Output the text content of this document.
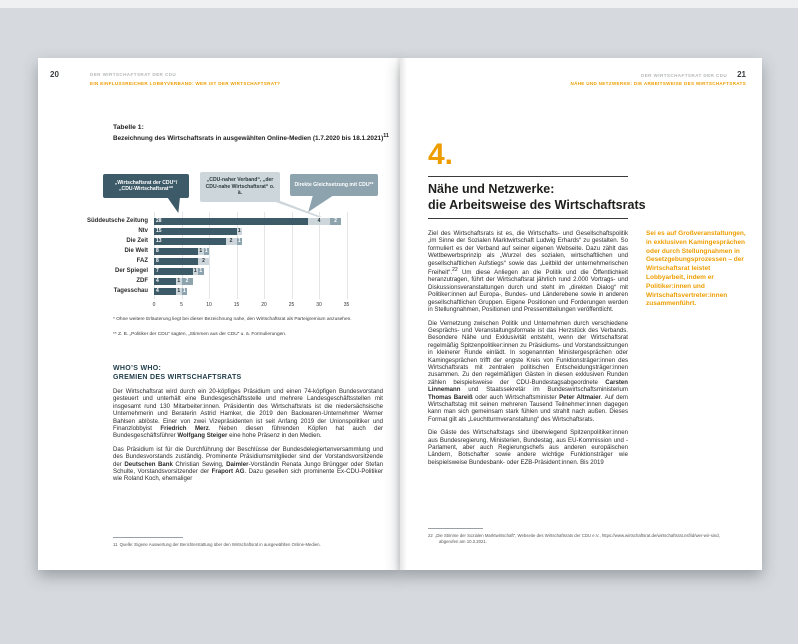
20	DER WIRTSCHAFTSRAT DER CDU
EIN EINFLUSSREICHER LOBBYVERBAND: WER IST DER WIRTSCHAFTSRAT?
Tabelle 1:
Bezeichnung des Wirtschaftsrats in ausgewählten Online-Medien (1.7.2020 bis 18.1.2021)$^{11}$
„Wirtschaftsrat der CDU“/ „CDU-Wirtschaftsrat“*
„CDU-naher Verband“, „der CDU-nahe Wirtschaftsrat“ o. ä.
Direkte Gleichsetzung mit CDU**
0	5	10	15	20	25	30	35
Süddeutsche Zeitung 28	4	2
Ntv 15	1
Die Zeit 13	2	1
Die Welt 8	1 1
FAZ 8	2
Der Spiegel 7	1 1
ZDF 4	1	2
Tagesschau 4	1 1
* Ohne weitere Erläuterung liegt bei dieser Bezeichnung nahe, den Wirtschaftsrat als Parteigremium anzusehen.
** Z. B. „Politiker der CDU“ sagten, „Stimmen aus der CDU“ u. ä. Formulierungen.
WHO’S WHO:
GREMIEN DES WIRTSCHAFTSRATS

Der Wirtschaftsrat wird durch ein 20-köpfiges Präsidium und einen 74-köpfigen Bundesvorstand gesteuert und unterhält eine Bundesgeschäftsstelle und mehrere Landesgeschäftsstellen mit insgesamt rund 130 Mitarbeiter:innen. Präsidentin des Wirtschaftsrats ist die niedersächsische Unternehmerin und Beraterin Astrid Hamker, die 2019 den Backwaren-Unternehmer Werner Bahlsen ablöste. Einer von zwei Vizepräsidenten ist seit Anfang 2019 der Unionspolitiker und Finanzlobbyist Friedrich Merz. Neben diesen führenden Köpfen hat auch der Bundesgeschäftsführer Wolfgang Steiger eine hohe Präsenz in den Medien.

Das Präsidium ist für die Durchführung der Beschlüsse der Bundesdelegiertenversammlung und des Bundesvorstands zuständig. Prominente Präsidiumsmitglieder sind der Vorstandsvorsitzende der Deutschen Bank Christian Sewing, Daimler-Vorständin Renata Jungo Brüngger oder Stefan Schulte, Vorstandsvorsitzender der Fraport AG. Dazu gesellen sich prominente Ex-CDU-Politiker wie Roland Koch, ehemaliger

11  Quelle: Eigene Auswertung der Berichterstattung über den Wirtschaftsrat in ausgewählten Online-Medien.
DER WIRTSCHAFTSRAT DER CDU 21
NÄHE UND NETZWERKE: DIE ARBEITSWEISE DES WIRTSCHAFTSRATS
4.
Nähe und Netzwerke:
die Arbeitsweise des Wirtschaftsrats

Ziel des Wirtschaftsrats ist es, die Wirtschafts- und Gesellschaftspolitik „im Sinne der Sozialen Marktwirtschaft Ludwig Erhards“ zu gestalten. So formuliert es der Verband auf seiner eigenen Webseite. Dazu zählt das Wettbewerbsprinzip als „Wurzel des sozialen, wirtschaftlichen und gesellschaftlichen Aufstiegs“ sowie das „Leitbild der unternehmerischen Freiheit“.$^{22}$ Um diese Anliegen an die Politik und die Öffentlichkeit heranzutragen, führt der Wirtschaftsrat jährlich rund 2.000 Vortrags- und Diskussionsveranstaltungen durch und steht im „direkten Dialog“ mit Politiker:innen auf Europa-, Bundes- und Länderebene sowie in anderen gesellschaftlichen Gruppen. Eigene Positionen und Forderungen werden in Stellungnahmen, Positionen und Pressemitteilungen veröffentlicht.

Die Vernetzung zwischen Politik und Unternehmen durch verschiedene Gesprächs- und Veranstaltungsformate ist das Herzstück des Verbands. Besondere Nähe und Exklusivität entsteht, wenn der Wirtschaftsrat regelmäßig Spitzenpolitiker:innen zu Präsidiums- und Vorstandssitzungen in kleinerer Runde einlädt. In sogenannten Ministergesprächen oder Kamingesprächen trifft der engste Kreis von Funktionsträger:innen des Wirtschaftsrats mit zentralen politischen Entscheidungsträger:innen zusammen. Zu den regelmäßigen Gästen in diesen exklusiven Runden zählen beispielsweise der CDU-Bundestagsabgeordnete Carsten Linnemann und Staatssekretär im Bundeswirtschaftsministerium Thomas Bareiß oder auch Wirtschaftsminister Peter Altmaier. Auf dem Wirtschaftstag mit seinen mehreren Tausend Teilnehmer:innen dagegen kann man sich gemeinsam stark fühlen und strahlt nach außen. Dieses Format gilt als „Leuchtturmveranstaltung“ des Wirtschaftsrats.

Die Gäste des Wirtschaftstags sind überwiegend Spitzenpolitiker:innen aus Bundesregierung, Ministerien, Bundestag, aus EU-Kommission und -Parlament, aber auch Regierungschefs aus anderen europäischen Ländern, Botschafter sowie andere wichtige Funktionsträger wie beispielsweise Bundesbank- oder EZB-Präsident:innen. Bis 2019

Sei es auf Großveranstaltungen, in exklusiven Kamingesprächen oder durch Stellungnahmen in Gesetzgebungsprozessen – der Wirtschaftsrat leistet Lobbyarbeit, indem er Politiker:innen und Wirtschaftsvertreter:innen zusammenführt.
22  „Die Stimme der Sozialen Marktwirtschaft“, Webseite des Wirtschaftsrats der CDU e.V., https://www.wirtschaftsrat.de/wirtschaftsrat.nsf/id/wer-wir-sind, abgerufen am 10.3.2021.
